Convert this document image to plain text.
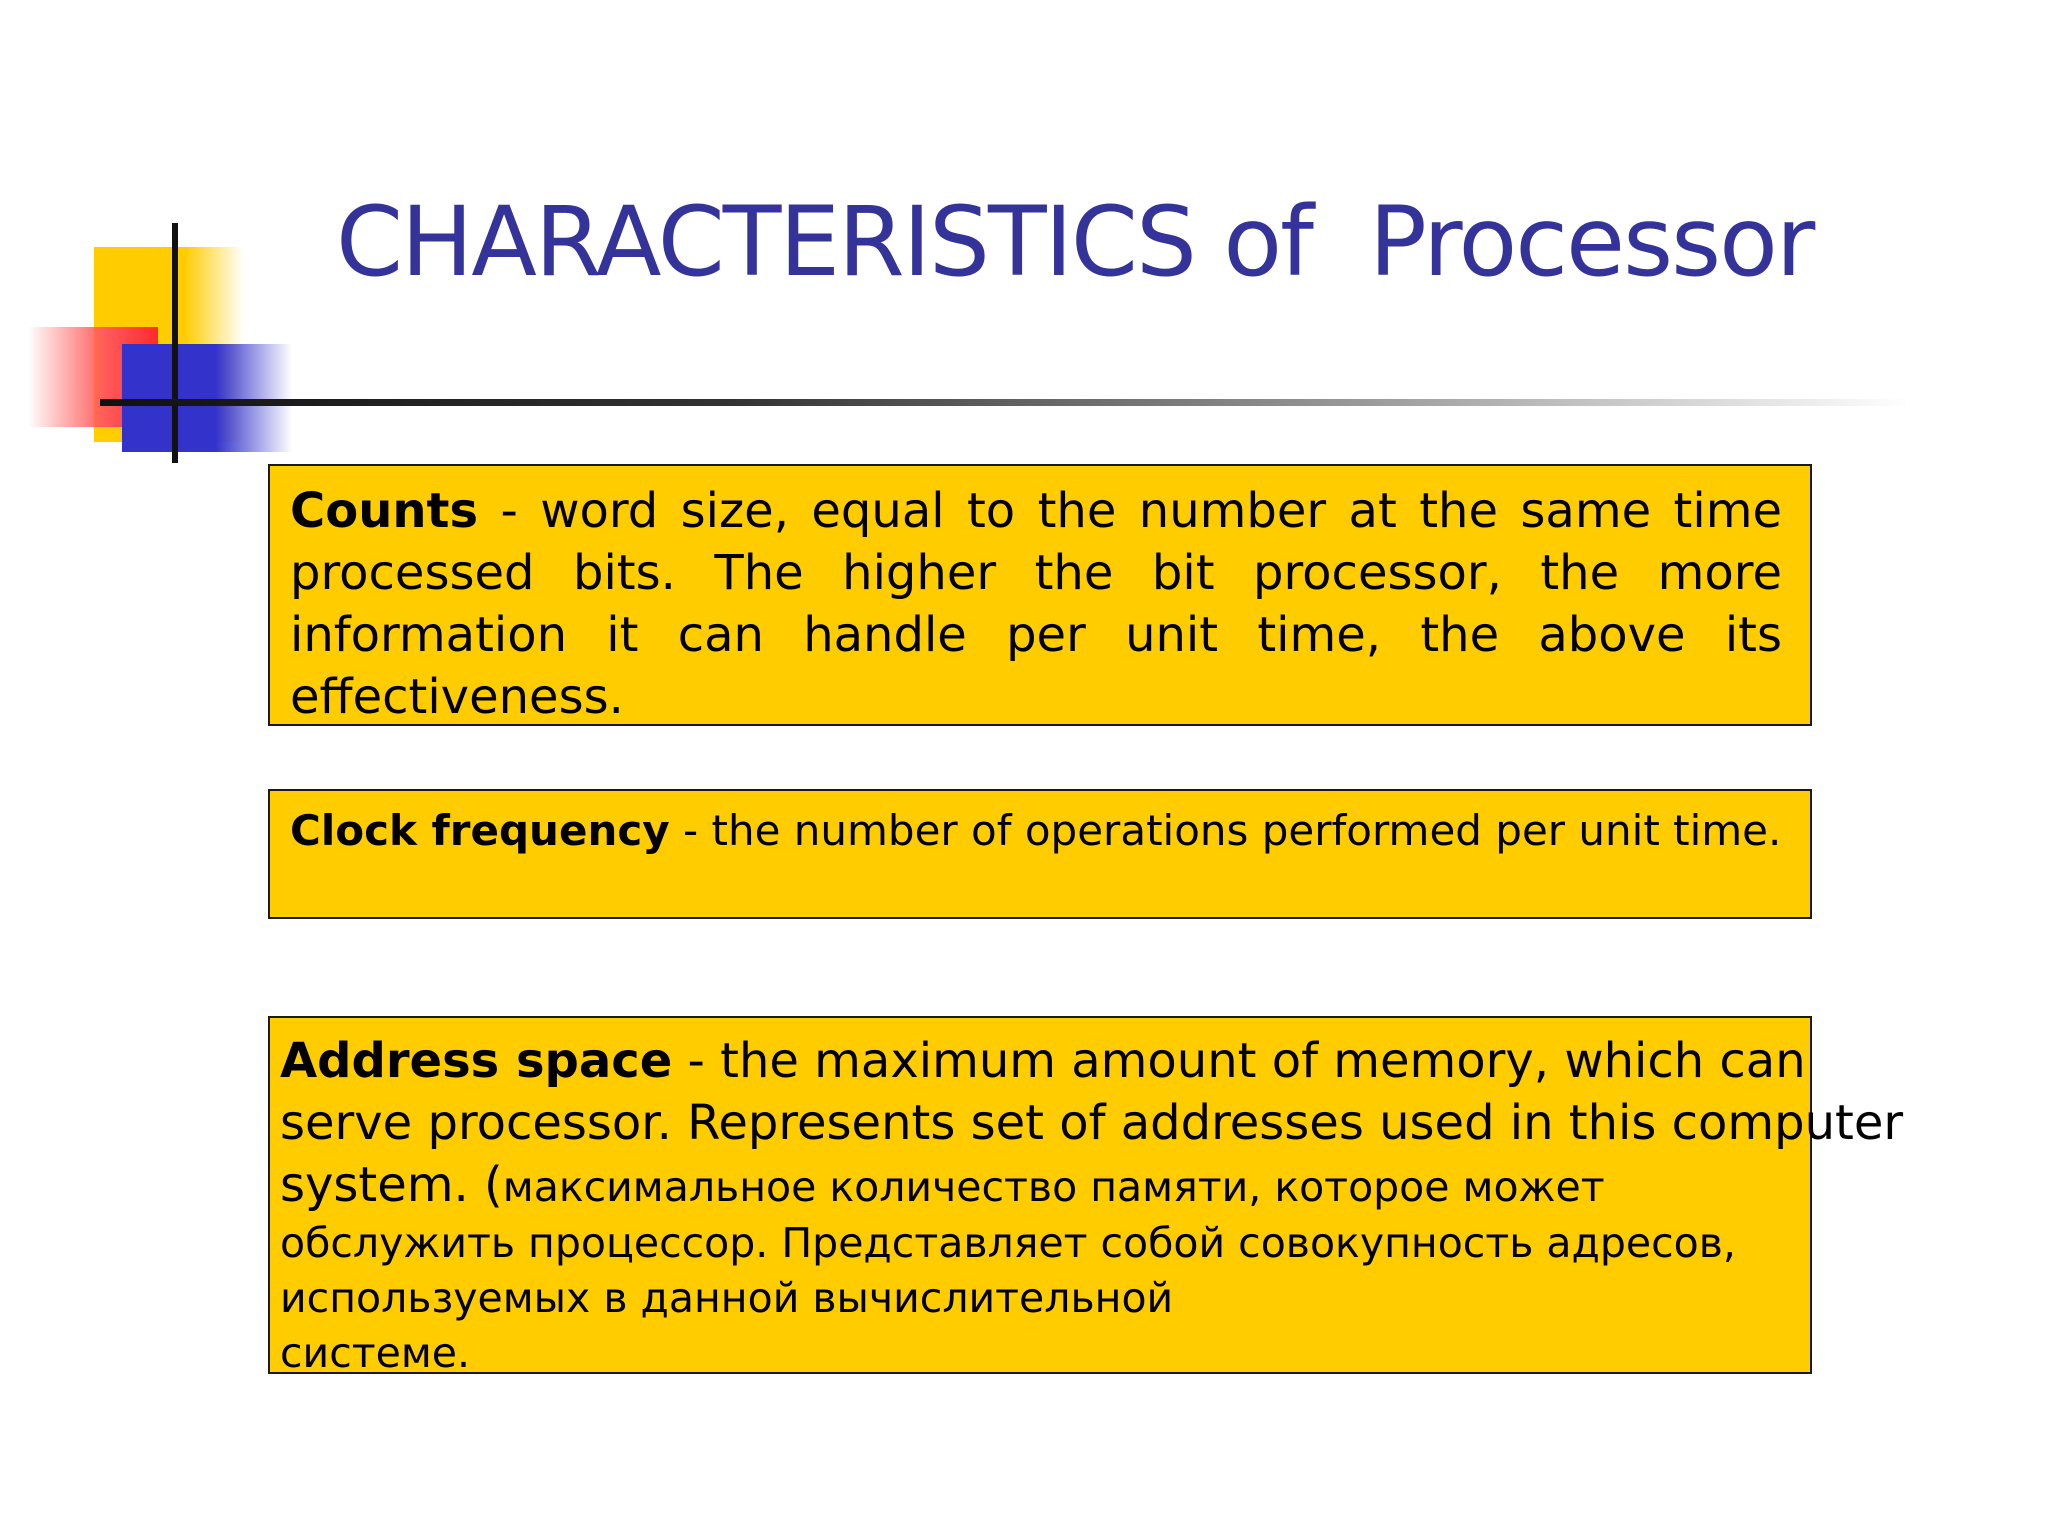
CHARACTERISTICS of  Processor
Counts - word size, equal to the number at the same time processed bits. The higher the bit processor, the more information it can handle per unit time, the above its effectiveness.
Clock frequency - the number of operations performed per unit time.
Address space - the maximum amount of memory, which can
serve processor. Represents set of addresses used in this computer
system. (максимальное количество памяти, которое может
обслужить процессор. Представляет собой совокупность адресов,
используемых в данной вычислительной
системе.
